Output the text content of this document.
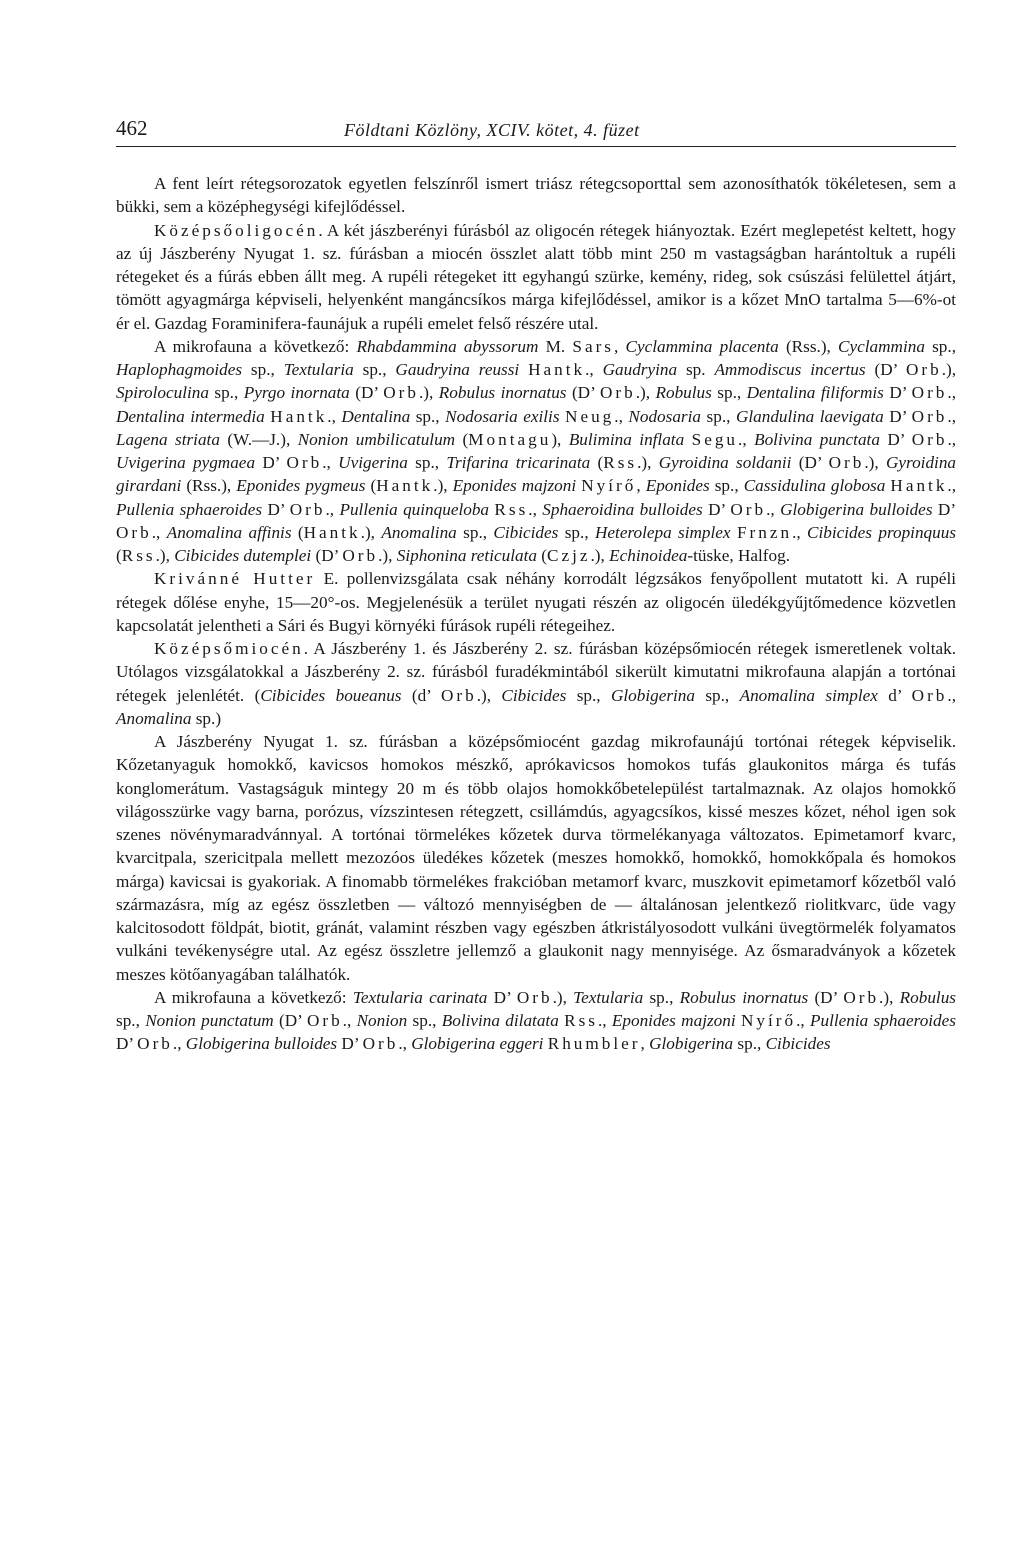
462	Földtani Közlöny, XCIV. kötet, 4. füzet

A fent leírt rétegsorozatok egyetlen felszínről ismert triász rétegcsoporttal sem azonosíthatók tökéletesen, sem a bükki, sem a középhegységi kifejlődéssel.

Középsőoligocén. A két jászberényi fúrásból az oligocén rétegek hiányoztak. Ezért meglepetést keltett, hogy az új Jászberény Nyugat 1. sz. fúrásban a miocén összlet alatt több mint 250 m vastagságban harántoltuk a rupéli rétegeket és a fúrás ebben állt meg. A rupéli rétegeket itt egyhangú szürke, kemény, rideg, sok csúszási felülettel átjárt, tömött agyagmárga képviseli, helyenként mangáncsíkos márga kifejlődéssel, amikor is a kőzet MnO tartalma 5—6%-ot ér el. Gazdag Foraminifera-faunájuk a rupéli emelet felső részére utal.

A mikrofauna a következő: Rhabdammina abyssorum M. Sars, Cyclammina placenta (Rss.), Cyclammina sp., Haplophagmoides sp., Textularia sp., Gaudryina reussi Hantk., Gaudryina sp. Ammodiscus incertus (D’ Orb.), Spiroloculina sp., Pyrgo inornata (D’ Orb.), Robulus inornatus (D’ Orb.), Robulus sp., Dentalina filiformis D’ Orb., Dentalina intermedia Hantk., Dentalina sp., Nodosaria exilis Neug., Nodosaria sp., Glandulina laevigata D’ Orb., Lagena striata (W.—J.), Nonion umbilicatulum (Montagu), Bulimina inflata Segu., Bolivina punctata D’ Orb., Uvigerina pygmaea D’ Orb., Uvigerina sp., Trifarina tricarinata (Rss.), Gyroidina soldanii (D’ Orb.), Gyroidina girardani (Rss.), Eponides pygmeus (Hantk.), Eponides majzoni Nyírő, Eponides sp., Cassidulina globosa Hantk., Pullenia sphaeroides D’ Orb., Pullenia quinqueloba Rss., Sphaeroidina bulloides D’ Orb., Globigerina bulloides D’ Orb., Anomalina affinis (Hantk.), Anomalina sp., Cibicides sp., Heterolepa simplex Frnzn., Cibicides propinquus (Rss.), Cibicides dutemplei (D’ Orb.), Siphonina reticulata (Czjz.), Echinoidea-tüske, Halfog.

Krivánné Hutter E. pollenvizsgálata csak néhány korrodált légzsákos fenyőpollent mutatott ki. A rupéli rétegek dőlése enyhe, 15—20°-os. Megjelenésük a terület nyugati részén az oligocén üledékgyűjtőmedence közvetlen kapcsolatát jelentheti a Sári és Bugyi környéki fúrások rupéli rétegeihez.

Középsőmiocén. A Jászberény 1. és Jászberény 2. sz. fúrásban középsőmiocén rétegek ismeretlenek voltak. Utólagos vizsgálatokkal a Jászberény 2. sz. fúrásból furadékmintából sikerült kimutatni mikrofauna alapján a tortónai rétegek jelenlétét. (Cibicides boueanus (d’ Orb.), Cibicides sp., Globigerina sp., Anomalina simplex d’ Orb., Anomalina sp.)

A Jászberény Nyugat 1. sz. fúrásban a középsőmiocént gazdag mikrofaunájú tortónai rétegek képviselik. Kőzetanyaguk homokkő, kavicsos homokos mészkő, aprókavicsos homokos tufás glaukonitos márga és tufás konglomerátum. Vastagságuk mintegy 20 m és több olajos homokkőbetelepülést tartalmaznak. Az olajos homokkő világosszürke vagy barna, porózus, vízszintesen rétegzett, csillámdús, agyagcsíkos, kissé meszes kőzet, néhol igen sok szenes növénymaradvánnyal. A tortónai törmelékes kőzetek durva törmelékanyaga változatos. Epimetamorf kvarc, kvarcitpala, szericitpala mellett mezozóos üledékes kőzetek (meszes homokkő, homokkő, homokkőpala és homokos márga) kavicsai is gyakoriak. A finomabb törmelékes frakcióban metamorf kvarc, muszkovit epimetamorf kőzetből való származásra, míg az egész összletben — változó mennyiségben de — általánosan jelentkező riolitkvarc, üde vagy kalcitosodott földpát, biotit, gránát, valamint részben vagy egészben átkristályosodott vulkáni üvegtörmelék folyamatos vulkáni tevékenységre utal. Az egész összletre jellemző a glaukonit nagy mennyisége. Az ősmaradványok a kőzetek meszes kötőanyagában találhatók.

A mikrofauna a következő: Textularia carinata D’ Orb.), Textularia sp., Robulus inornatus (D’ Orb.), Robulus sp., Nonion punctatum (D’ Orb., Nonion sp., Bolivina dilatata Rss., Eponides majzoni Nyírő., Pullenia sphaeroides D’ Orb., Globigerina bulloides D’ Orb., Globigerina eggeri Rhumbler, Globigerina sp., Cibicides
